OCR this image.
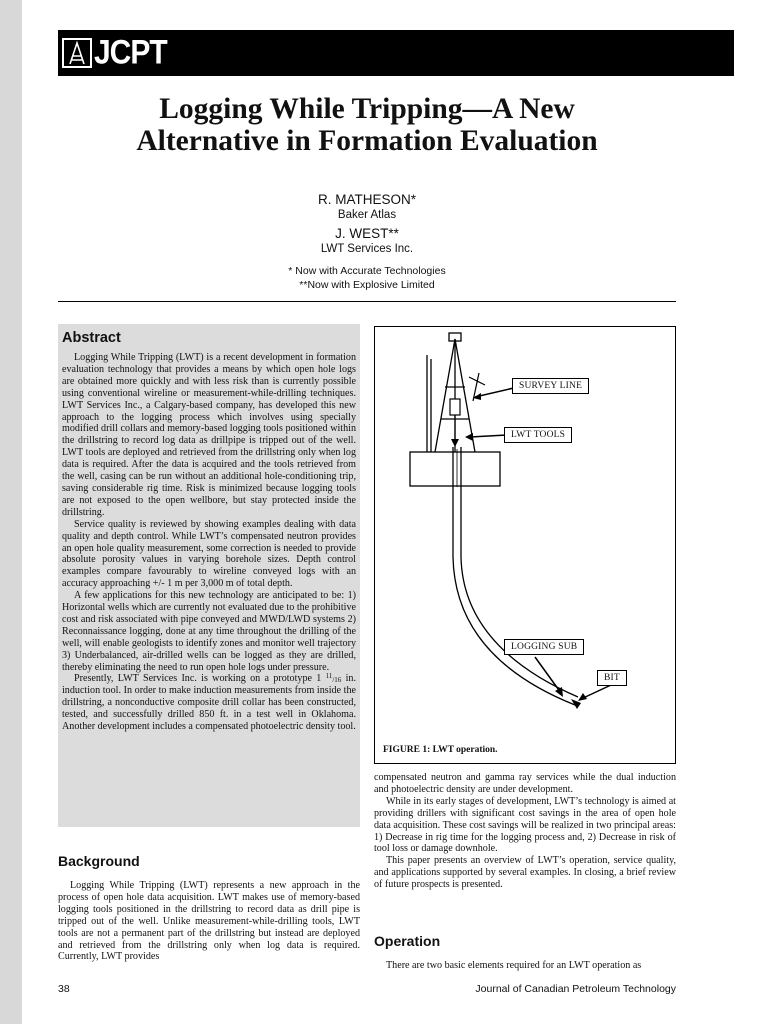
JCPT
Logging While Tripping—A New
Alternative in Formation Evaluation
R. MATHESON*
Baker Atlas
J. WEST**
LWT Services Inc.
* Now with Accurate Technologies
**Now with Explosive Limited
Abstract

Logging While Tripping (LWT) is a recent development in formation evaluation technology that provides a means by which open hole logs are obtained more quickly and with less risk than is currently possible using conventional wireline or measurement-while-drilling techniques. LWT Services Inc., a Calgary-based company, has developed this new approach to the logging process which involves using specially modified drill collars and memory-based logging tools positioned within the drillstring to record log data as drillpipe is tripped out of the well. LWT tools are deployed and retrieved from the drillstring only when log data is required. After the data is acquired and the tools retrieved from the well, casing can be run without an additional hole-conditioning trip, saving considerable rig time. Risk is minimized because logging tools are not exposed to the open wellbore, but stay protected inside the drillstring.

Service quality is reviewed by showing examples dealing with data quality and depth control. While LWT’s compensated neutron provides an open hole quality measurement, some correction is needed to provide absolute porosity values in varying borehole sizes. Depth control examples compare favourably to wireline conveyed logs with an accuracy approaching +/- 1 m per 3,000 m of total depth.

A few applications for this new technology are anticipated to be: 1) Horizontal wells which are currently not evaluated due to the prohibitive cost and risk associated with pipe conveyed and MWD/LWD systems 2) Reconnaissance logging, done at any time throughout the drilling of the well, will enable geologists to identify zones and monitor well trajectory 3) Underbalanced, air-drilled wells can be logged as they are drilled, thereby eliminating the need to run open hole logs under pressure.

Presently, LWT Services Inc. is working on a prototype 1 $^{11}_{/16}$ in. induction tool. In order to make induction measurements from inside the drillstring, a nonconductive composite drill collar has been constructed, tested, and successfully drilled 850 ft. in a test well in Oklahoma. Another development includes a compensated photoelectric density tool.

SURVEY LINE
LWT TOOLS
LOGGING SUB
BIT
FIGURE 1: LWT operation.
Background

Logging While Tripping (LWT) represents a new approach in the process of open hole data acquisition. LWT makes use of memory-based logging tools positioned in the drillstring to record data as drill pipe is tripped out of the well. Unlike measurement-while-drilling tools, LWT tools are not a permanent part of the drillstring but instead are deployed and retrieved from the drillstring only when log data is required. Currently, LWT provides

compensated neutron and gamma ray services while the dual induction and photoelectric density are under development.

While in its early stages of development, LWT’s technology is aimed at providing drillers with significant cost savings in the area of open hole data acquisition. These cost savings will be realized in two principal areas: 1) Decrease in rig time for the logging process and, 2) Decrease in risk of tool loss or damage downhole.

This paper presents an overview of LWT’s operation, service quality, and applications supported by several examples. In closing, a brief review of future prospects is presented.

Operation

There are two basic elements required for an LWT operation as

38	Journal of Canadian Petroleum Technology
